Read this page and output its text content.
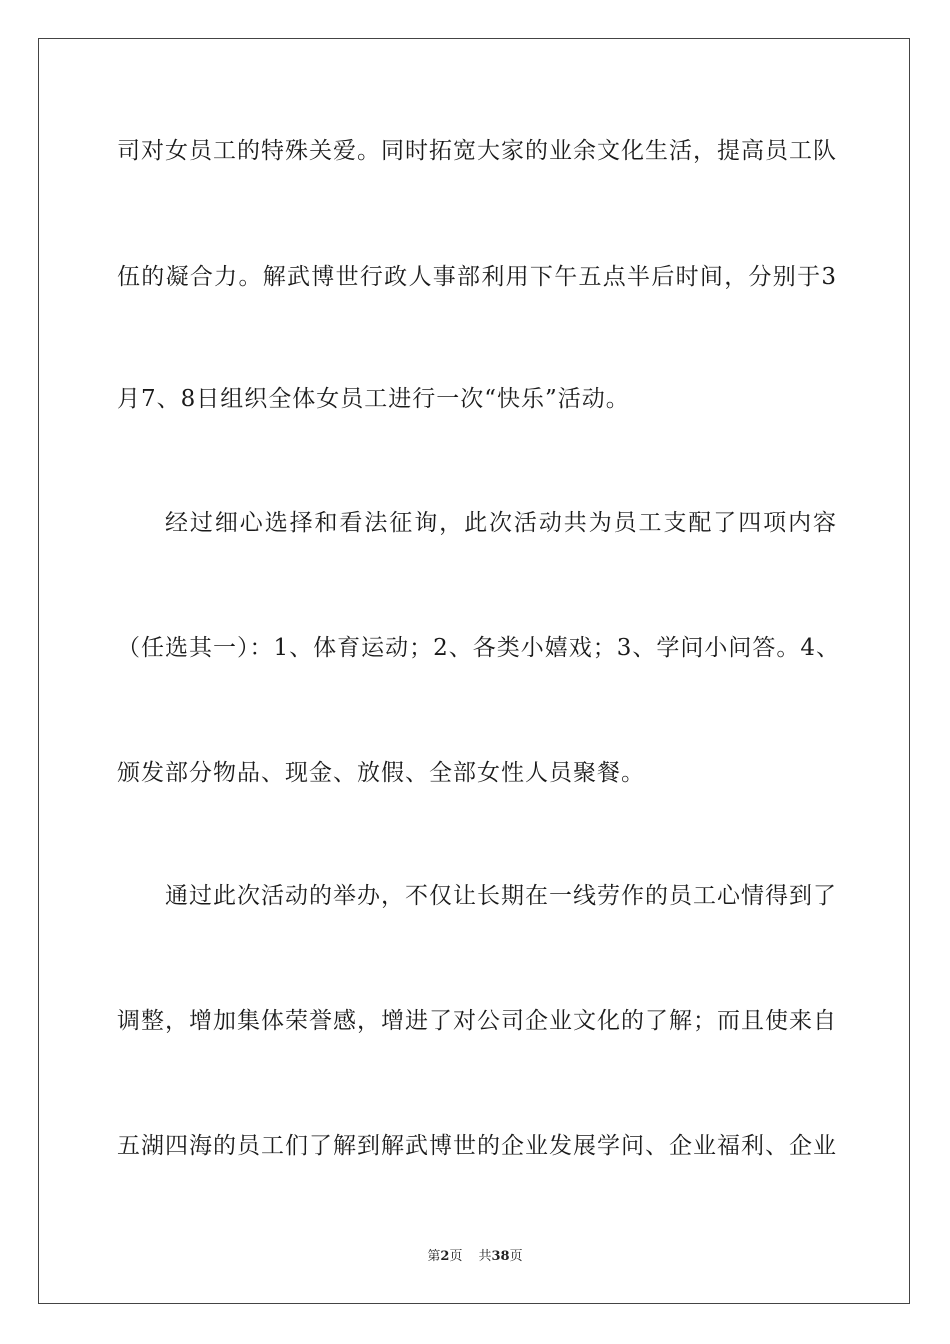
司对女员工的特殊关爱。同时拓宽大家的业余文化生活，提高员工队
伍的凝合力。解武博世行政人事部利用下午五点半后时间，分别于3
月7、8日组织全体女员工进行一次“快乐”活动。
经过细心选择和看法征询，此次活动共为员工支配了四项内容
（任选其一）：1、体育运动；2、各类小嬉戏；3、学问小问答。4、
颁发部分物品、现金、放假、全部女性人员聚餐。
通过此次活动的举办，不仅让长期在一线劳作的员工心情得到了
调整，增加集体荣誉感，增进了对公司企业文化的了解；而且使来自
五湖四海的员工们了解到解武博世的企业发展学问、企业福利、企业
第2页 共38页
